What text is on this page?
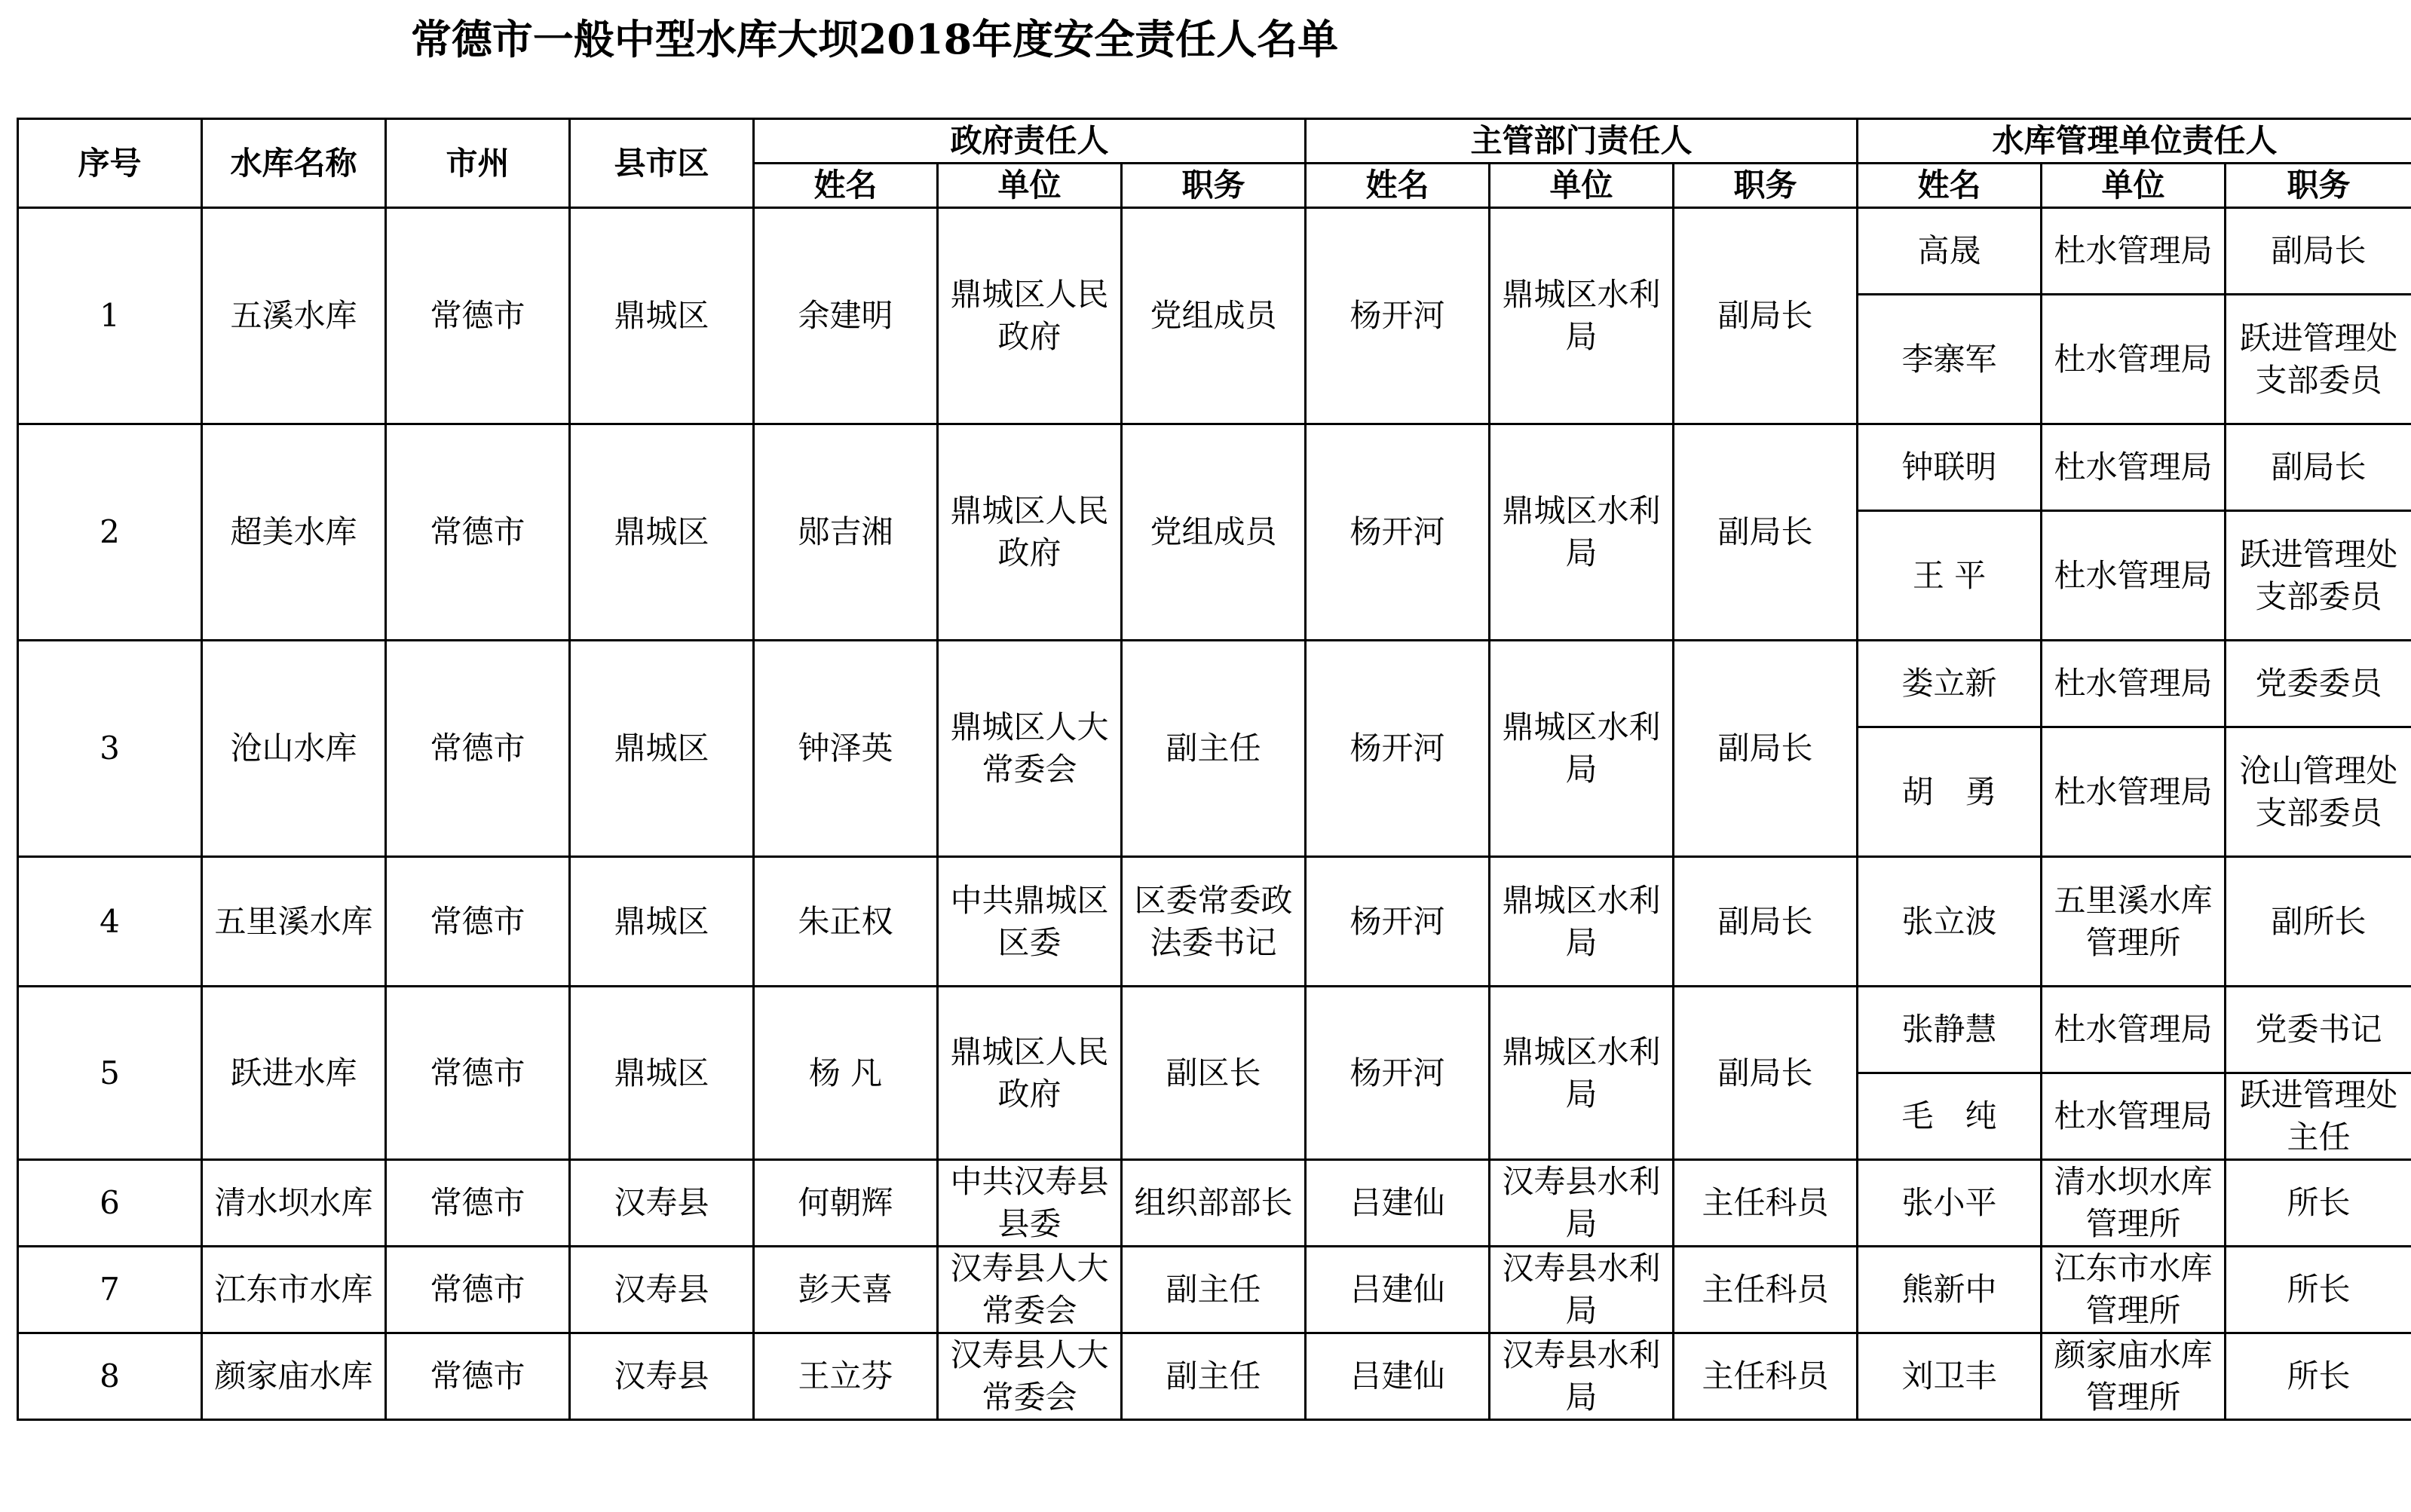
常德市一般中型水库大坝2018年度安全责任人名单
序号	水库名称	市州	县市区	政府责任人			主管部门责任人			水库管理单位责任人		
				姓名	单位	职务	姓名	单位	职务	姓名	单位	职务
1	五溪水库	常德市	鼎城区	余建明	鼎城区人民政府	党组成员	杨开河	鼎城区水利局	副局长	高晟	杜水管理局	副局长
										李寨军	杜水管理局	跃进管理处支部委员
2	超美水库	常德市	鼎城区	郧吉湘	鼎城区人民政府	党组成员	杨开河	鼎城区水利局	副局长	钟联明	杜水管理局	副局长
										王 平	杜水管理局	跃进管理处支部委员
3	沧山水库	常德市	鼎城区	钟泽英	鼎城区人大常委会	副主任	杨开河	鼎城区水利局	副局长	娄立新	杜水管理局	党委委员
										胡　勇	杜水管理局	沧山管理处支部委员
4	五里溪水库	常德市	鼎城区	朱正权	中共鼎城区区委	区委常委政法委书记	杨开河	鼎城区水利局	副局长	张立波	五里溪水库管理所	副所长
5	跃进水库	常德市	鼎城区	杨 凡	鼎城区人民政府	副区长	杨开河	鼎城区水利局	副局长	张静慧	杜水管理局	党委书记
										毛　纯	杜水管理局	跃进管理处主任
6	清水坝水库	常德市	汉寿县	何朝辉	中共汉寿县县委	组织部部长	吕建仙	汉寿县水利局	主任科员	张小平	清水坝水库管理所	所长
7	江东市水库	常德市	汉寿县	彭天喜	汉寿县人大常委会	副主任	吕建仙	汉寿县水利局	主任科员	熊新中	江东市水库管理所	所长
8	颜家庙水库	常德市	汉寿县	王立芬	汉寿县人大常委会	副主任	吕建仙	汉寿县水利局	主任科员	刘卫丰	颜家庙水库管理所	所长
